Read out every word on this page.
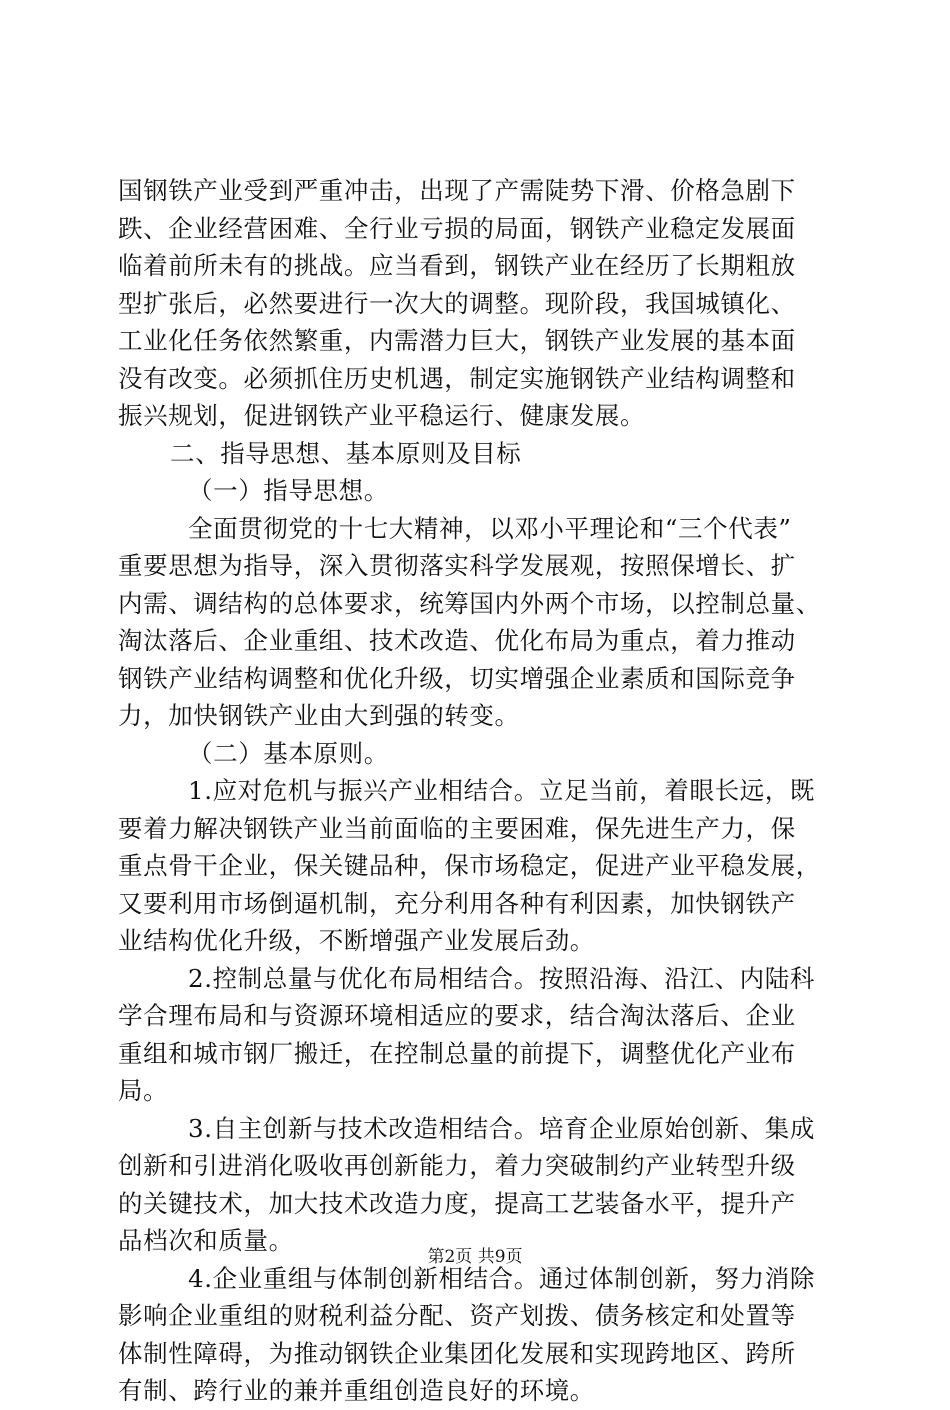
国钢铁产业受到严重冲击，出现了产需陡势下滑、价格急剧下
跌、企业经营困难、全行业亏损的局面，钢铁产业稳定发展面
临着前所未有的挑战。应当看到，钢铁产业在经历了长期粗放
型扩张后，必然要进行一次大的调整。现阶段，我国城镇化、
工业化任务依然繁重，内需潜力巨大，钢铁产业发展的基本面
没有改变。必须抓住历史机遇，制定实施钢铁产业结构调整和
振兴规划，促进钢铁产业平稳运行、健康发展。
二、指导思想、基本原则及目标
（一）指导思想。
全面贯彻党的十七大精神，以邓小平理论和“三个代表”
重要思想为指导，深入贯彻落实科学发展观，按照保增长、扩
内需、调结构的总体要求，统筹国内外两个市场，以控制总量、
淘汰落后、企业重组、技术改造、优化布局为重点，着力推动
钢铁产业结构调整和优化升级，切实增强企业素质和国际竞争
力，加快钢铁产业由大到强的转变。
（二）基本原则。
1.应对危机与振兴产业相结合。立足当前，着眼长远，既
要着力解决钢铁产业当前面临的主要困难，保先进生产力，保
重点骨干企业，保关键品种，保市场稳定，促进产业平稳发展，
又要利用市场倒逼机制，充分利用各种有利因素，加快钢铁产
业结构优化升级，不断增强产业发展后劲。
2.控制总量与优化布局相结合。按照沿海、沿江、内陆科
学合理布局和与资源环境相适应的要求，结合淘汰落后、企业
重组和城市钢厂搬迁，在控制总量的前提下，调整优化产业布
局。
3.自主创新与技术改造相结合。培育企业原始创新、集成
创新和引进消化吸收再创新能力，着力突破制约产业转型升级
的关键技术，加大技术改造力度，提高工艺装备水平，提升产
品档次和质量。
4.企业重组与体制创新相结合。通过体制创新，努力消除
影响企业重组的财税利益分配、资产划拨、债务核定和处置等
体制性障碍，为推动钢铁企业集团化发展和实现跨地区、跨所
有制、跨行业的兼并重组创造良好的环境。
第2页 共9页
